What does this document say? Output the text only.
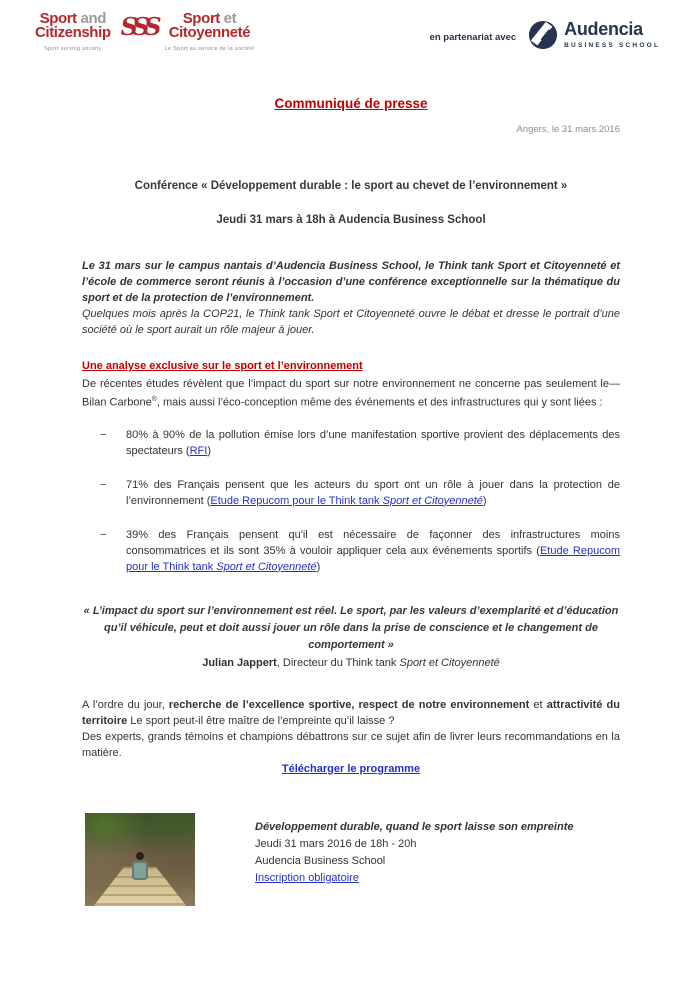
Sport and
Citizenship
Sport serving society
SSS	Sport et
Citoyenneté
Le Sport au service de la société
en partenariat avec	Audencia
BUSINESS SCHOOL
Communiqué de presse
Angers, le 31 mars 2016
Conférence « Développement durable : le sport au chevet de l’environnement »
Jeudi 31 mars à 18h à Audencia Business School
Le 31 mars sur le campus nantais d’Audencia Business School, le Think tank Sport et Citoyenneté et l’école de commerce seront réunis à l’occasion d’une conférence exceptionnelle sur la thématique du sport et de la protection de l’environnement.
Quelques mois après la COP21, le Think tank Sport et Citoyenneté ouvre le débat et dresse le portrait d’une société où le sport aurait un rôle majeur à jouer.
Une analyse exclusive sur le sport et l’environnement
De récentes études révèlent que l’impact du sport sur notre environnement ne concerne pas seulement le—Bilan Carbone®, mais aussi l’éco-conception même des événements et des infrastructures qui y sont liées :
−	80% à 90% de la pollution émise lors d’une manifestation sportive provient des déplacements des spectateurs (RFI)
−	71% des Français pensent que les acteurs du sport ont un rôle à jouer dans la protection de l’environnement (Etude Repucom pour le Think tank Sport et Citoyenneté)
−	39% des Français pensent qu'il est nécessaire de façonner des infrastructures moins consommatrices et ils sont 35% à vouloir appliquer cela aux événements sportifs (Etude Repucom pour le Think tank Sport et Citoyenneté)
« L’impact du sport sur l’environnement est réel. Le sport, par les valeurs d’exemplarité et d’éducation qu’il véhicule, peut et doit aussi jouer un rôle dans la prise de conscience et le changement de comportement »
Julian Jappert, Directeur du Think tank Sport et Citoyenneté
A l’ordre du jour, recherche de l’excellence sportive, respect de notre environnement et attractivité du territoire Le sport peut-il être maître de l’empreinte qu’il laisse ?
Des experts, grands témoins et champions débattrons sur ce sujet afin de livrer leurs recommandations en la matière.
Télécharger le programme
Développement durable, quand le sport laisse son empreinte
Jeudi 31 mars 2016 de 18h - 20h
Audencia Business School
Inscription obligatoire
